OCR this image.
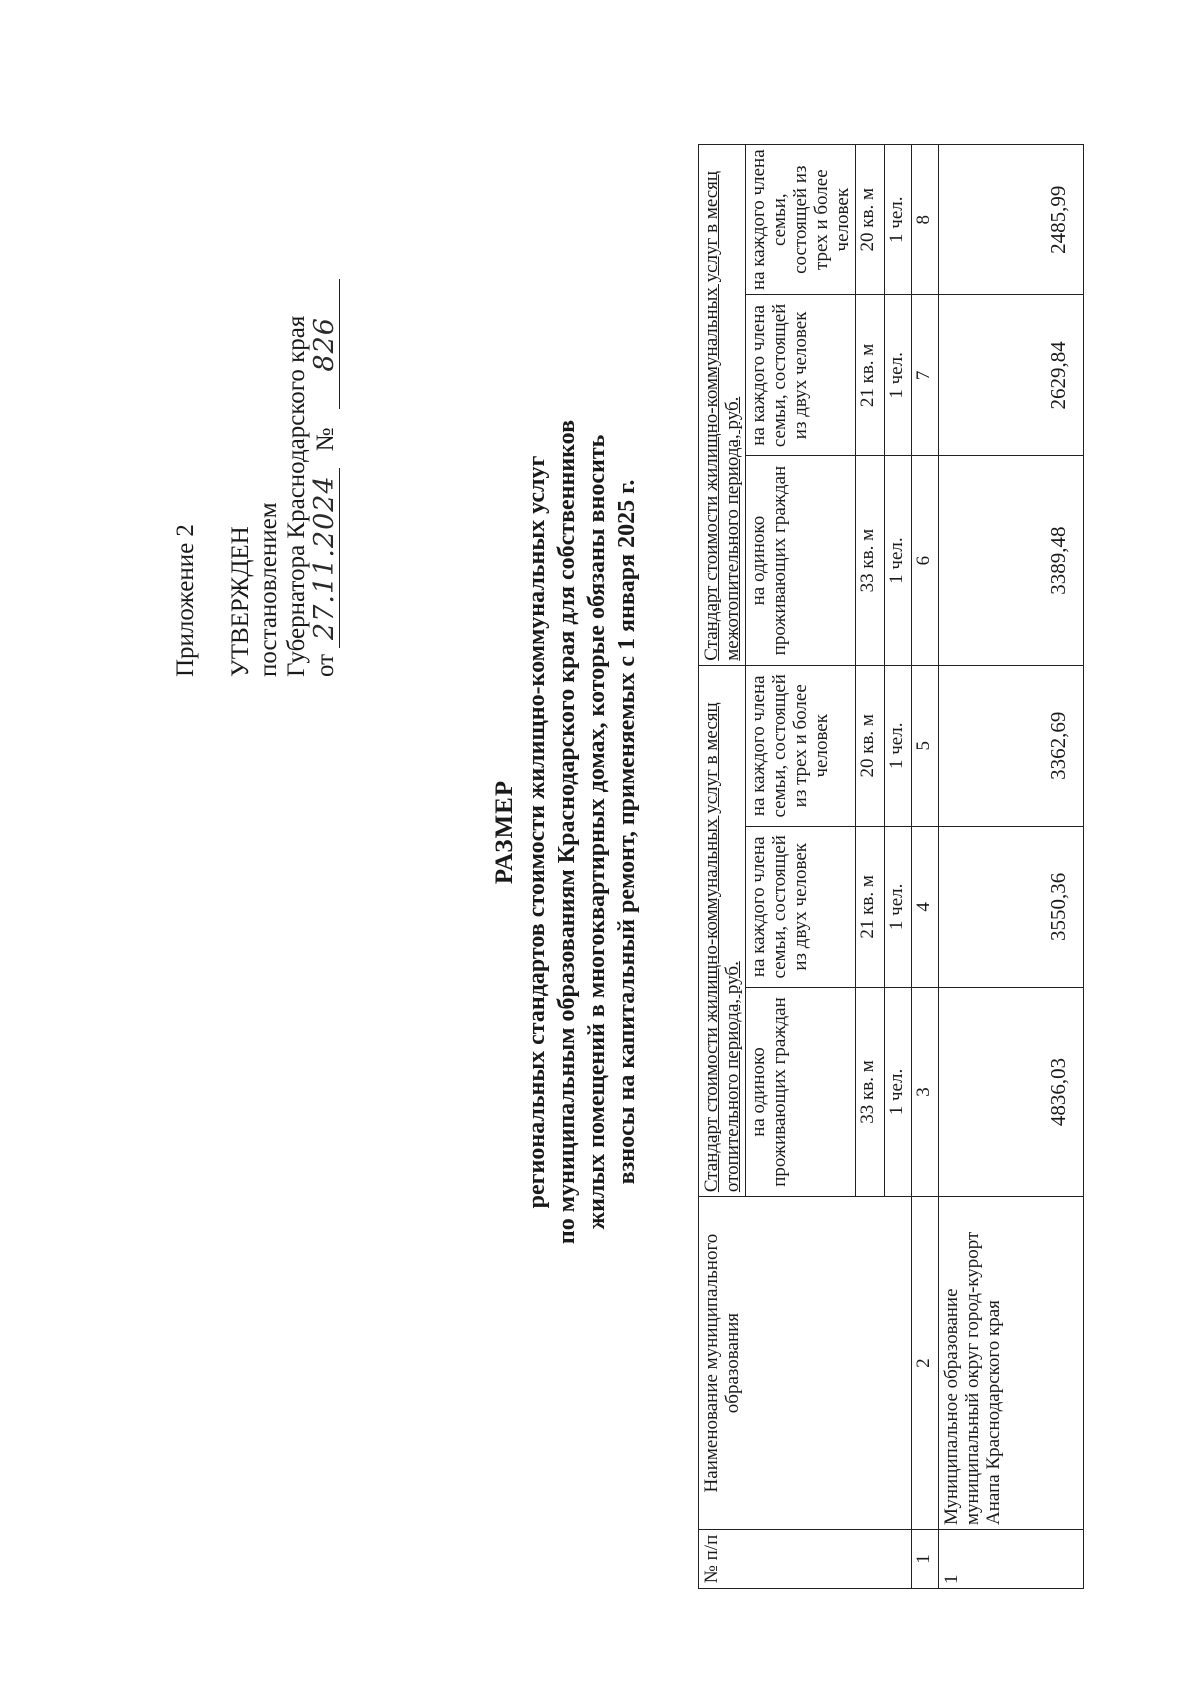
Приложение 2 УТВЕРЖДЕН постановлением Губернатора Краснодарского края от 27.11.2024 № 826
РАЗМЕР региональных стандартов стоимости жилищно-коммунальных услуг по муниципальным образованиям Краснодарского края для собственников жилых помещений в многоквартирных домах, которые обязаны вносить взносы на капитальный ремонт, применяемых с 1 января 2025 г.
№ п/п	Наименование муниципального образования	Стандарт стоимости жилищно-коммунальных услуг в месяц отопительного периода, руб.			Стандарт стоимости жилищно-коммунальных услуг в месяц межотопительного периода, руб.		
		на одиноко проживающих граждан	на каждого члена семьи, состоящей из двух человек	на каждого члена семьи, состоящей из трех и более человек	на одиноко проживающих граждан	на каждого члена семьи, состоящей из двух человек	на каждого члена семьи, состоящей из трех и более человек
		33 кв. м	21 кв. м	20 кв. м	33 кв. м	21 кв. м	20 кв. м
		1 чел.	1 чел.	1 чел.	1 чел.	1 чел.	1 чел.
1	2	3	4	5	6	7	8
1	Муниципальное образование муниципальный округ город-курорт Анапа Краснодарского края	4836,03	3550,36	3362,69	3389,48	2629,84	2485,99
